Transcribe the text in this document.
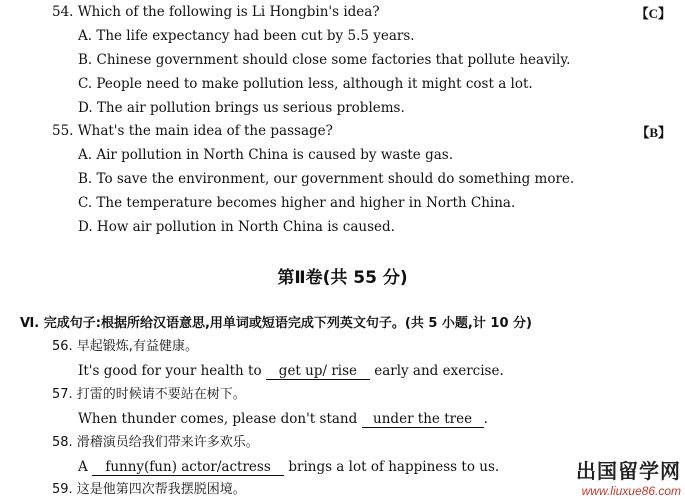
54. Which of the following is Li Hongbin's idea?	【C】
A. The life expectancy had been cut by 5.5 years.
B. Chinese government should close some factories that pollute heavily.
C. People need to make pollution less, although it might cost a lot.
D. The air pollution brings us serious problems.
55. What's the main idea of the passage?	【B】
A. Air pollution in North China is caused by waste gas.
B. To save the environment, our government should do something more.
C. The temperature becomes higher and higher in North China.
D. How air pollution in North China is caused.
第Ⅱ卷(共 55 分)
Ⅵ. 完成句子:根据所给汉语意思,用单词或短语完成下列英文句子。(共 5 小题,计 10 分)
56. 早起锻炼,有益健康。
It's good for your health to get up/ rise early and exercise.
57. 打雷的时候请不要站在树下。
When thunder comes, please don't stand under the tree .
58. 滑稽演员给我们带来许多欢乐。
A funny(fun) actor/actress brings a lot of happiness to us.
59. 这是他第四次帮我摆脱困境。
出国留学网
www.liuxue86.com
